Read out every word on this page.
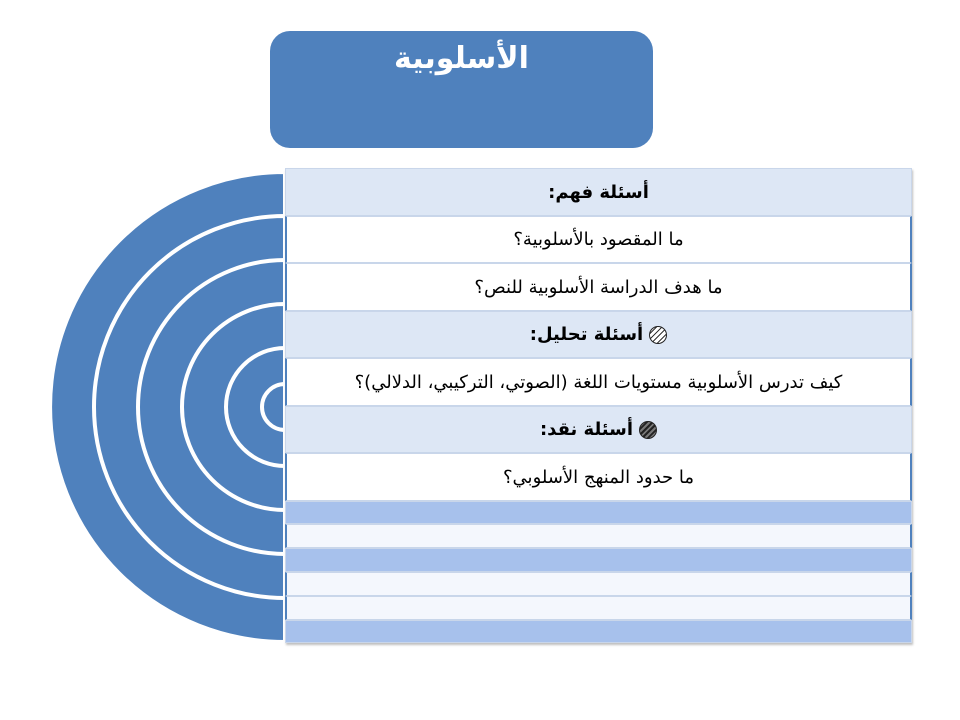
الأسلوبية
أسئلة فهم:
ما المقصود بالأسلوبية؟
ما هدف الدراسة الأسلوبية للنص؟
أسئلة تحليل:
كيف تدرس الأسلوبية مستويات اللغة (الصوتي، التركيبي، الدلالي)؟
أسئلة نقد:
ما حدود المنهج الأسلوبي؟
